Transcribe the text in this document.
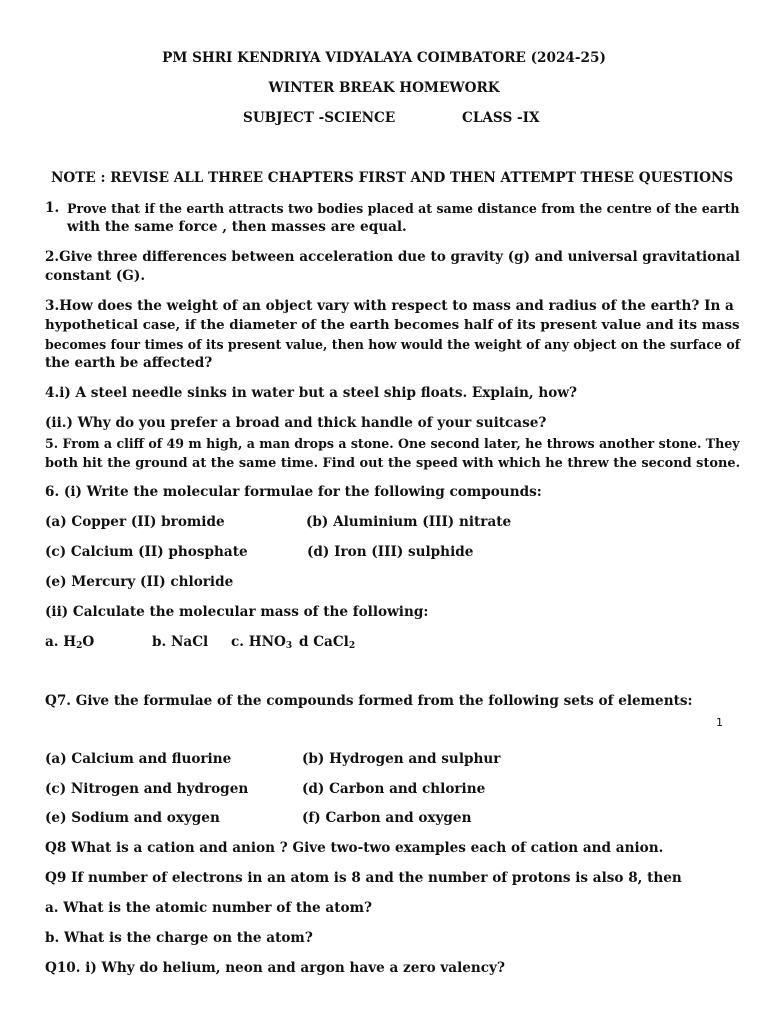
PM SHRI KENDRIYA VIDYALAYA COIMBATORE (2024-25)
WINTER BREAK HOMEWORK
SUBJECT -SCIENCE	CLASS -IX
NOTE : REVISE ALL THREE CHAPTERS FIRST AND THEN ATTEMPT THESE QUESTIONS
1. Prove that if the earth attracts two bodies placed at same distance from the centre of the earth
with the same force , then masses are equal.
2.Give three differences between acceleration due to gravity (g) and universal gravitational
constant (G).
3.How does the weight of an object vary with respect to mass and radius of the earth? In a
hypothetical case, if the diameter of the earth becomes half of its present value and its mass
becomes four times of its present value, then how would the weight of any object on the surface of
the earth be affected?
4.i) A steel needle sinks in water but a steel ship floats. Explain, how?
(ii.) Why do you prefer a broad and thick handle of your suitcase?
5. From a cliff of 49 m high, a man drops a stone. One second later, he throws another stone. They
both hit the ground at the same time. Find out the speed with which he threw the second stone.
6. (i) Write the molecular formulae for the following compounds:
(a) Copper (II) bromide	(b) Aluminium (III) nitrate
(c) Calcium (II) phosphate	(d) Iron (III) sulphide
(e) Mercury (II) chloride
(ii) Calculate the molecular mass of the following:
a. $H_2O$	b. NaCl c. $HNO_3$ d CaCl$_2$
Q7. Give the formulae of the compounds formed from the following sets of elements:
1
(a) Calcium and fluorine	(b) Hydrogen and sulphur
(c) Nitrogen and hydrogen	(d) Carbon and chlorine
(e) Sodium and oxygen	(f) Carbon and oxygen
Q8 What is a cation and anion ? Give two-two examples each of cation and anion.
Q9 If number of electrons in an atom is 8 and the number of protons is also 8, then
a. What is the atomic number of the atom?
b. What is the charge on the atom?
Q10. i) Why do helium, neon and argon have a zero valency?
